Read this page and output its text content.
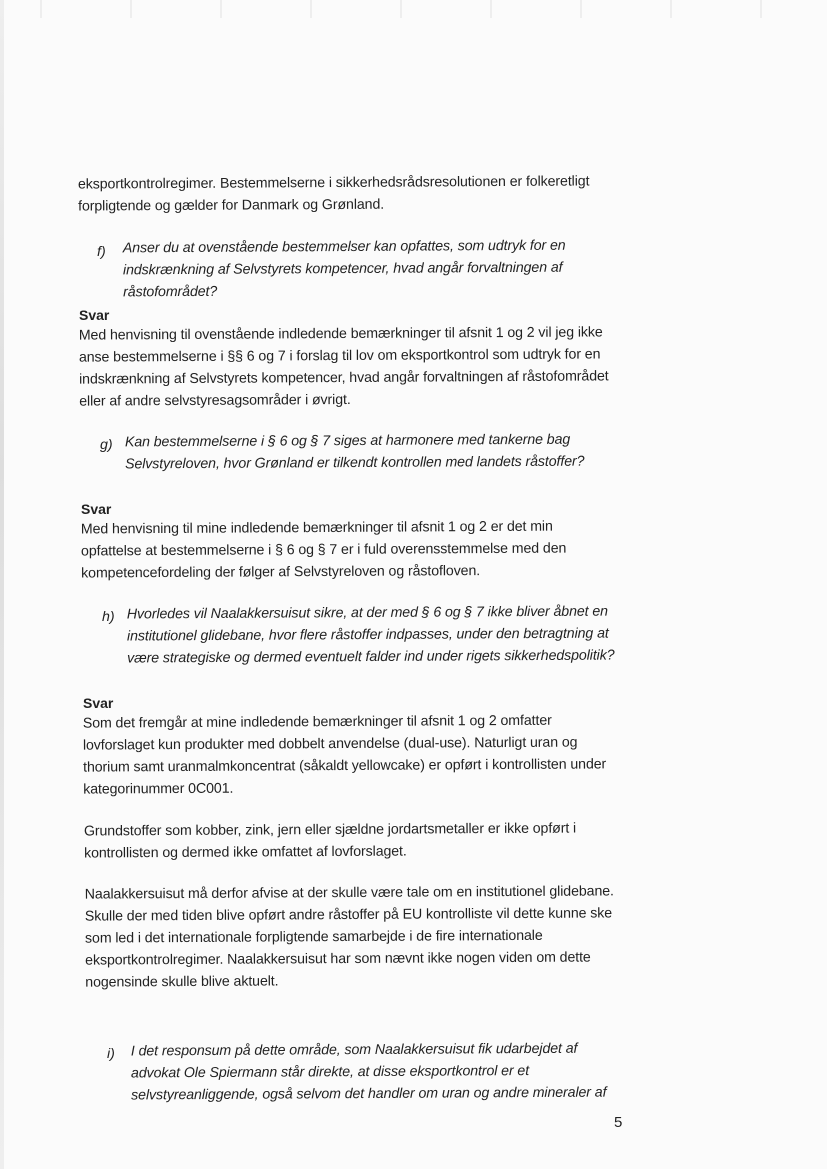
eksportkontrolregimer. Bestemmelserne i sikkerhedsrådsresolutionen er folkeretligt
forpligtende og gælder for Danmark og Grønland.
f) Anser du at ovenstående bestemmelser kan opfattes, som udtryk for en
indskrænkning af Selvstyrets kompetencer, hvad angår forvaltningen af
råstofområdet?
Svar
Med henvisning til ovenstående indledende bemærkninger til afsnit 1 og 2 vil jeg ikke
anse bestemmelserne i §§ 6 og 7 i forslag til lov om eksportkontrol som udtryk for en
indskrænkning af Selvstyrets kompetencer, hvad angår forvaltningen af råstofområdet
eller af andre selvstyresagsområder i øvrigt.
g) Kan bestemmelserne i § 6 og § 7 siges at harmonere med tankerne bag
Selvstyreloven, hvor Grønland er tilkendt kontrollen med landets råstoffer?
Svar
Med henvisning til mine indledende bemærkninger til afsnit 1 og 2 er det min
opfattelse at bestemmelserne i § 6 og § 7 er i fuld overensstemmelse med den
kompetencefordeling der følger af Selvstyreloven og råstofloven.
h) Hvorledes vil Naalakkersuisut sikre, at der med § 6 og § 7 ikke bliver åbnet en
institutionel glidebane, hvor flere råstoffer indpasses, under den betragtning at
være strategiske og dermed eventuelt falder ind under rigets sikkerhedspolitik?
Svar
Som det fremgår at mine indledende bemærkninger til afsnit 1 og 2 omfatter
lovforslaget kun produkter med dobbelt anvendelse (dual-use). Naturligt uran og
thorium samt uranmalmkoncentrat (såkaldt yellowcake) er opført i kontrollisten under
kategorinummer 0C001.
Grundstoffer som kobber, zink, jern eller sjældne jordartsmetaller er ikke opført i
kontrollisten og dermed ikke omfattet af lovforslaget.
Naalakkersuisut må derfor afvise at der skulle være tale om en institutionel glidebane.
Skulle der med tiden blive opført andre råstoffer på EU kontrolliste vil dette kunne ske
som led i det internationale forpligtende samarbejde i de fire internationale
eksportkontrolregimer. Naalakkersuisut har som nævnt ikke nogen viden om dette
nogensinde skulle blive aktuelt.
i) I det responsum på dette område, som Naalakkersuisut fik udarbejdet af
advokat Ole Spiermann står direkte, at disse eksportkontrol er et
selvstyreanliggende, også selvom det handler om uran og andre mineraler af
5
